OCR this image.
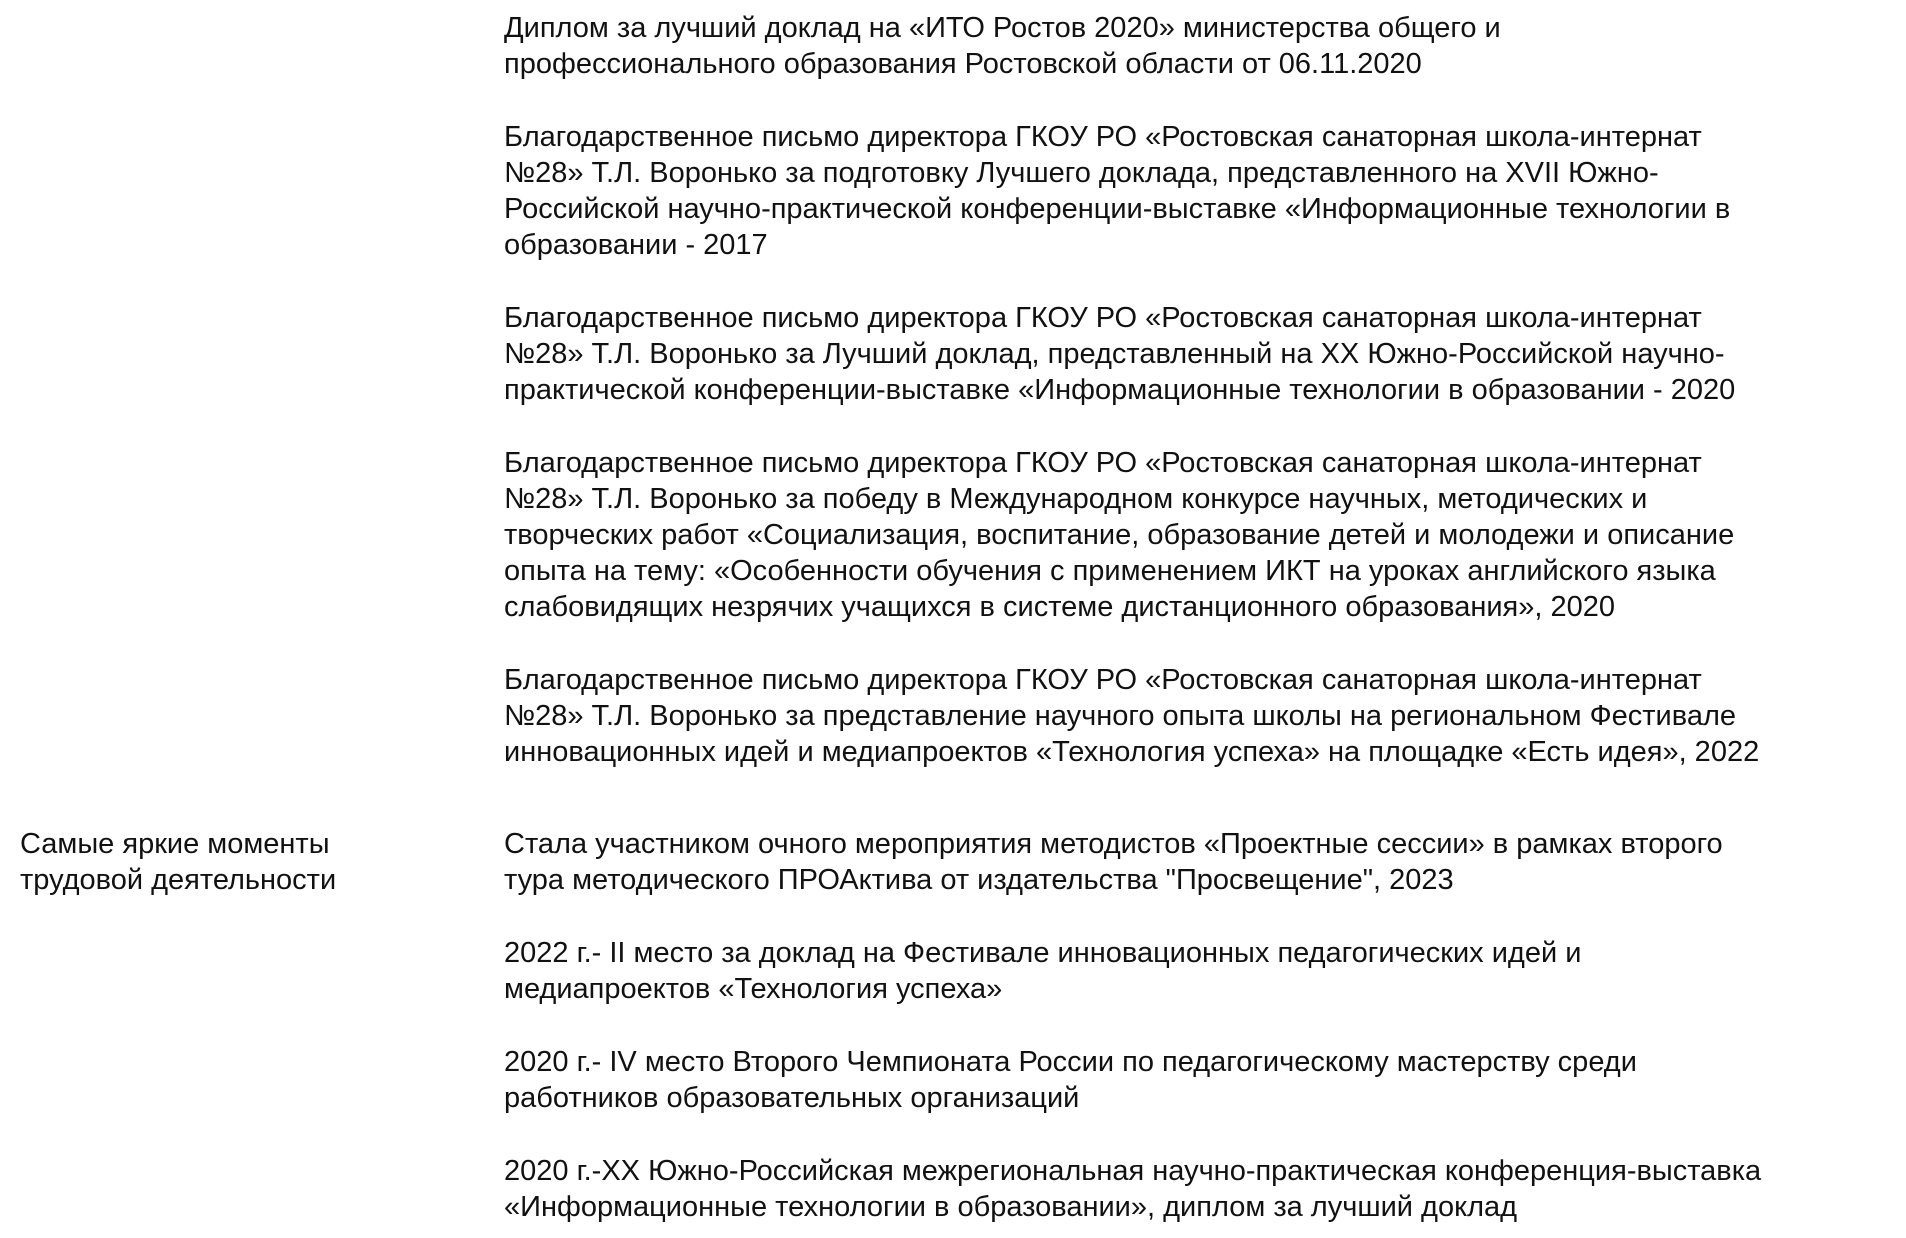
Диплом за лучший доклад на «ИТО Ростов 2020» министерства общего и
профессионального образования Ростовской области от 06.11.2020
Благодарственное письмо директора ГКОУ РО «Ростовская санаторная школа-интернат
№28» Т.Л. Воронько за подготовку Лучшего доклада, представленного на XVII Южно-
Российской научно-практической конференции-выставке «Информационные технологии в
образовании - 2017
Благодарственное письмо директора ГКОУ РО «Ростовская санаторная школа-интернат
№28» Т.Л. Воронько за Лучший доклад, представленный на XX Южно-Российской научно-
практической конференции-выставке «Информационные технологии в образовании - 2020
Благодарственное письмо директора ГКОУ РО «Ростовская санаторная школа-интернат
№28» Т.Л. Воронько за победу в Международном конкурсе научных, методических и
творческих работ «Социализация, воспитание, образование детей и молодежи и описание
опыта на тему: «Особенности обучения с применением ИКТ на уроках английского языка
слабовидящих незрячих учащихся в системе дистанционного образования», 2020
Благодарственное письмо директора ГКОУ РО «Ростовская санаторная школа-интернат
№28» Т.Л. Воронько за представление научного опыта школы на региональном Фестивале
инновационных идей и медиапроектов «Технология успеха» на площадке «Есть идея», 2022
Самые яркие моменты
трудовой деятельности
Стала участником очного мероприятия методистов «Проектные сессии» в рамках второго
тура методического ПРОАктива от издательства "Просвещение", 2023
2022 г.- II место за доклад на Фестивале инновационных педагогических идей и
медиапроектов «Технология успеха»
2020 г.- IV место Второго Чемпионата России по педагогическому мастерству среди
работников образовательных организаций
2020 г.-XX Южно-Российская межрегиональная научно-практическая конференция-выставка
«Информационные технологии в образовании», диплом за лучший доклад
